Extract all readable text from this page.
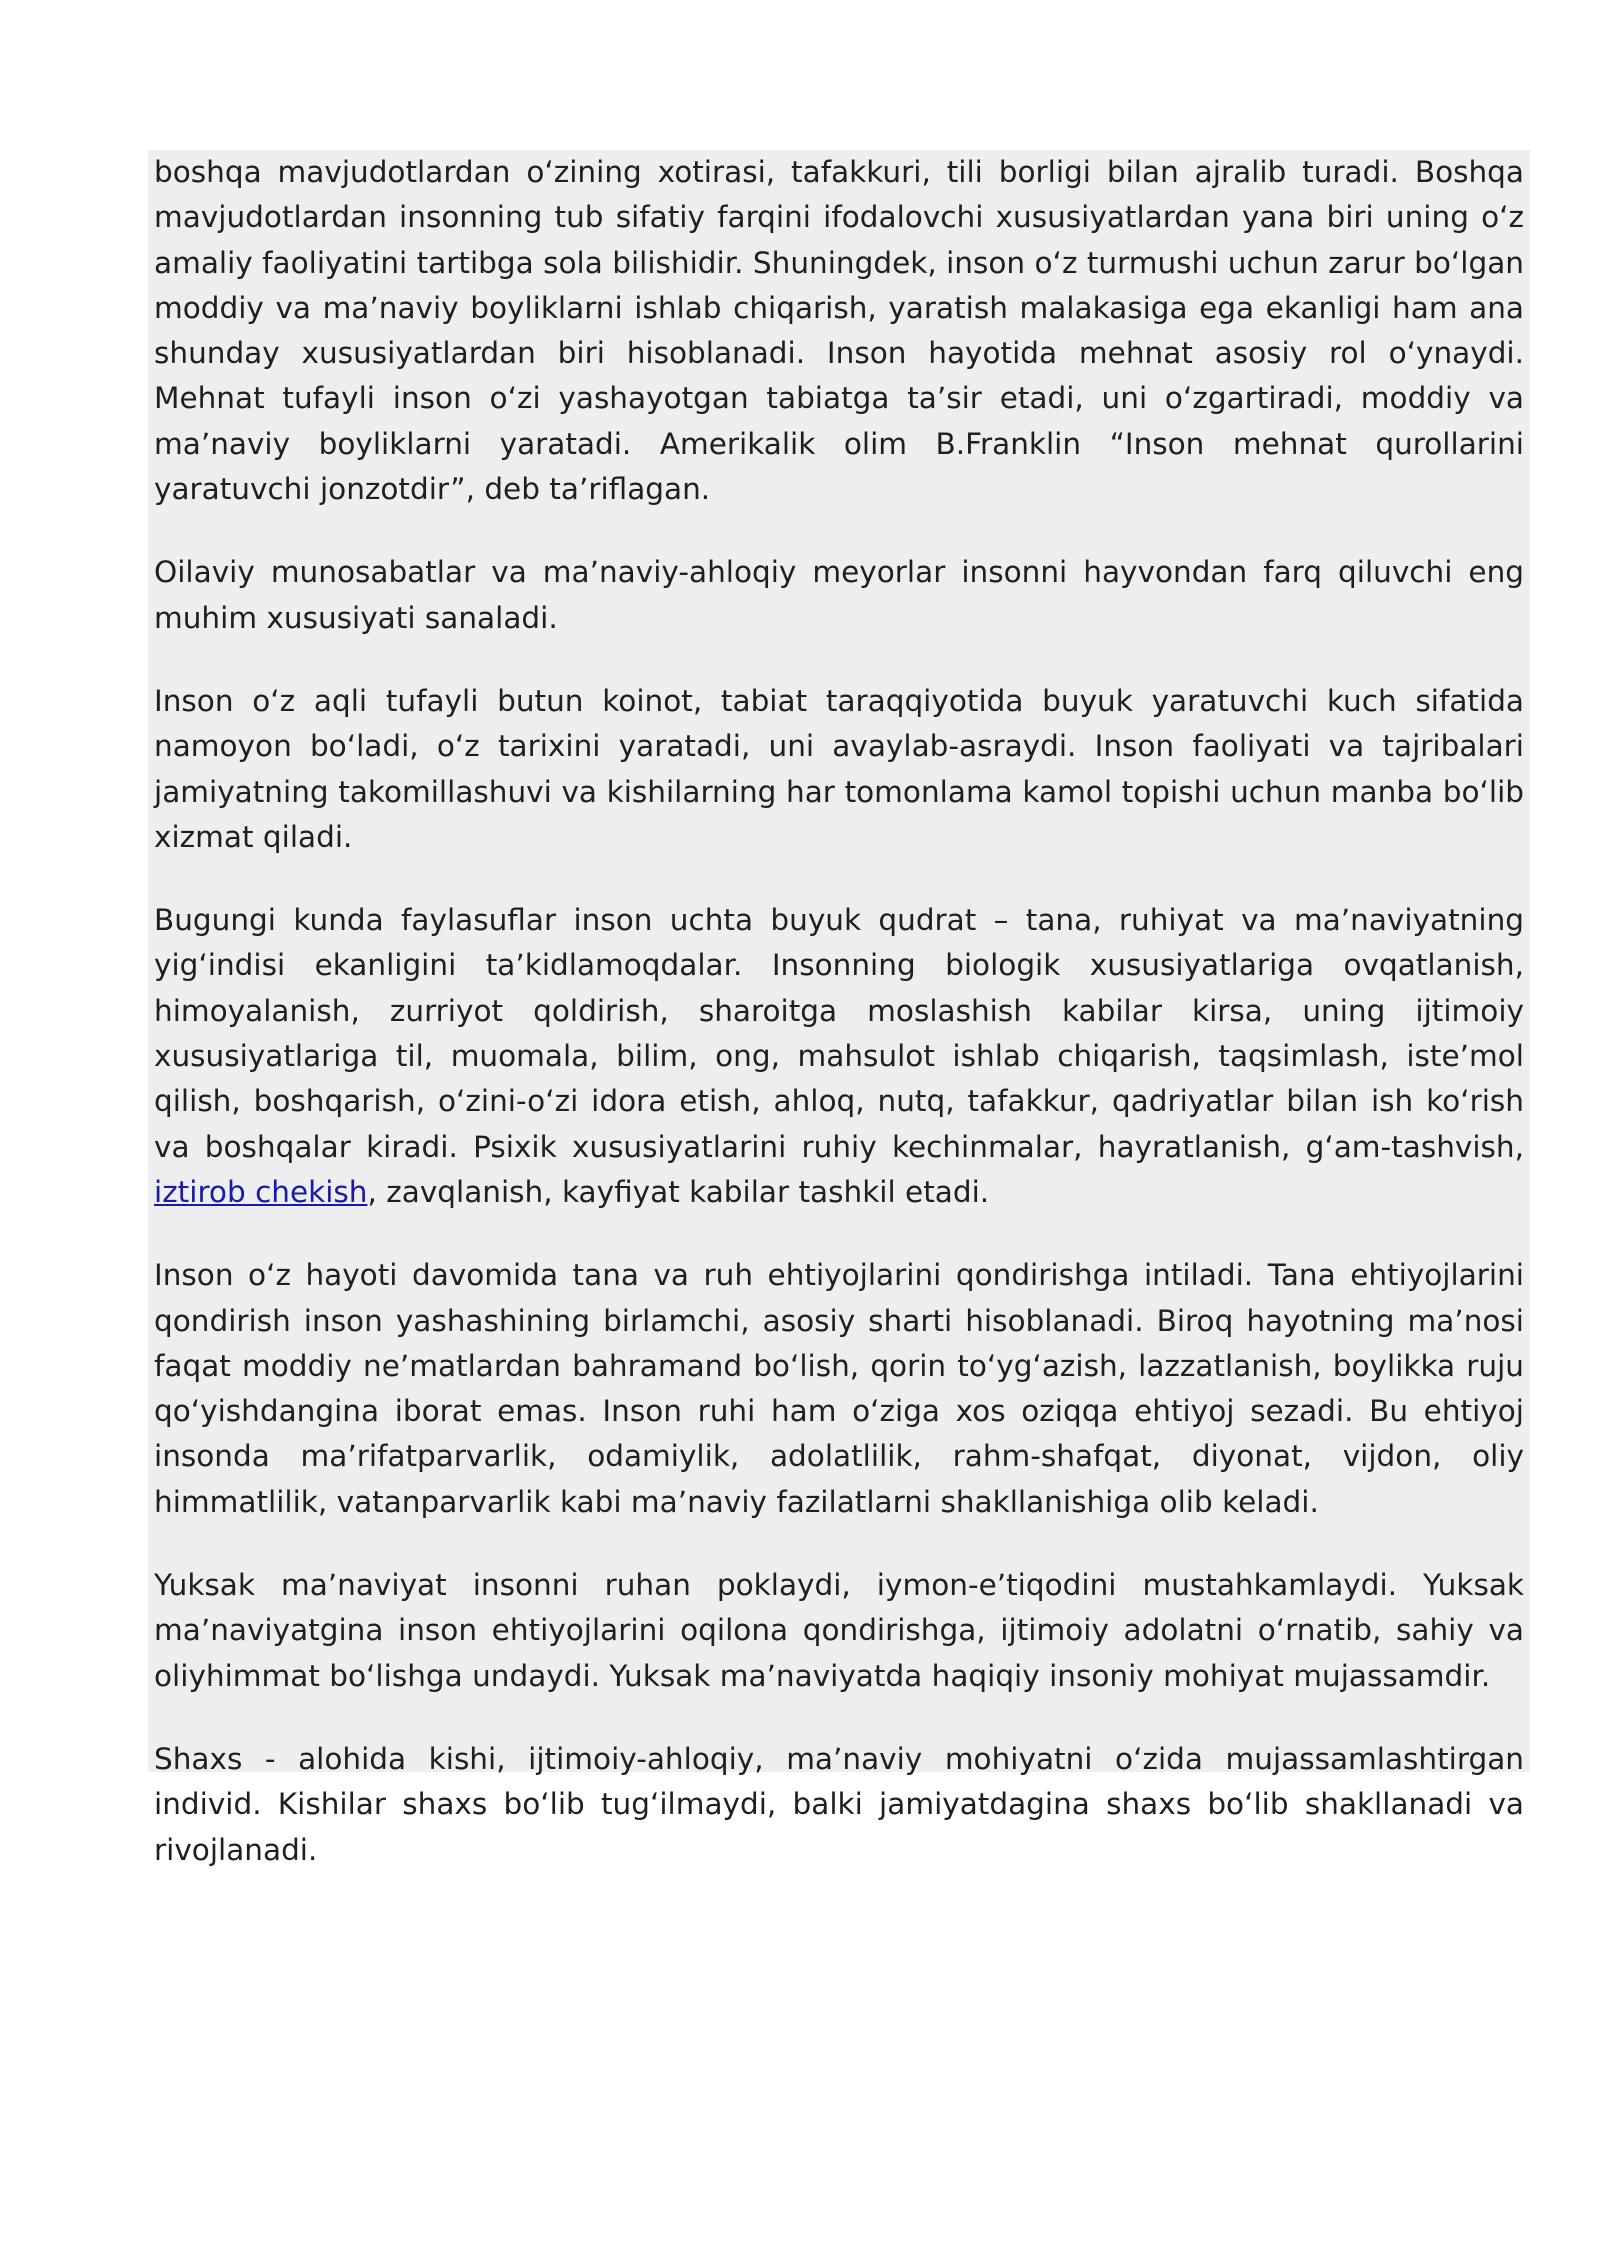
boshqa mavjudotlardan oʻzining xotirasi, tafakkuri, tili borligi bilan ajralib turadi. Boshqa mavjudotlardan insonning tub sifatiy farqini ifodalovchi xususiyatlardan yana biri uning oʻz amaliy faoliyatini tartibga sola bilishidir. Shuningdek, inson oʻz turmushi uchun zarur boʻlgan moddiy va maʼnaviy boyliklarni ishlab chiqarish, yaratish malakasiga ega ekanligi ham ana shunday xususiyatlardan biri hisoblanadi. Inson hayotida mehnat asosiy rol oʻynaydi. Mehnat tufayli inson oʻzi yashayotgan tabiatga taʼsir etadi, uni oʻzgartiradi, moddiy va maʼnaviy boyliklarni yaratadi. Amerikalik olim B.Franklin “Inson mehnat qurollarini yaratuvchi jonzotdir”, deb taʼriflagan.

Oilaviy munosabatlar va maʼnaviy-ahloqiy meyorlar insonni hayvondan farq qiluvchi eng muhim xususiyati sanaladi.

Inson oʻz aqli tufayli butun koinot, tabiat taraqqiyotida buyuk yaratuvchi kuch sifatida namoyon boʻladi, oʻz tarixini yaratadi, uni avaylab-asraydi. Inson faoliyati va tajribalari jamiyatning takomillashuvi va kishilarning har tomonlama kamol topishi uchun manba boʻlib xizmat qiladi.

Bugungi kunda faylasuflar inson uchta buyuk qudrat – tana, ruhiyat va maʼnaviyatning yigʻindisi ekanligini taʼkidlamoqdalar. Insonning biologik xususiyatlariga ovqatlanish, himoyalanish, zurriyot qoldirish, sharoitga moslashish kabilar kirsa, uning ijtimoiy xususiyatlariga til, muomala, bilim, ong, mahsulot ishlab chiqarish, taqsimlash, isteʼmol qilish, boshqarish, oʻzini-oʻzi idora etish, ahloq, nutq, tafakkur, qadriyatlar bilan ish koʻrish va boshqalar kiradi. Psixik xususiyatlarini ruhiy kechinmalar, hayratlanish, gʻam-tashvish, iztirob chekish, zavqlanish, kayfiyat kabilar tashkil etadi.

Inson oʻz hayoti davomida tana va ruh ehtiyojlarini qondirishga intiladi. Tana ehtiyojlarini qondirish inson yashashining birlamchi, asosiy sharti hisoblanadi. Biroq hayotning maʼnosi faqat moddiy neʼmatlardan bahramand boʻlish, qorin toʻygʻazish, lazzatlanish, boylikka ruju qoʻyishdangina iborat emas. Inson ruhi ham oʻziga xos oziqqa ehtiyoj sezadi. Bu ehtiyoj insonda maʼrifatparvarlik, odamiylik, adolatlilik, rahm-shafqat, diyonat, vijdon, oliy himmatlilik, vatanparvarlik kabi maʼnaviy fazilatlarni shakllanishiga olib keladi.

Yuksak maʼnaviyat insonni ruhan poklaydi, iymon-eʼtiqodini mustahkamlaydi. Yuksak maʼnaviyatgina inson ehtiyojlarini oqilona qondirishga, ijtimoiy adolatni oʻrnatib, sahiy va oliyhimmat boʻlishga undaydi. Yuksak maʼnaviyatda haqiqiy insoniy mohiyat mujassamdir.

Shaxs - alohida kishi, ijtimoiy-ahloqiy, maʼnaviy mohiyatni oʻzida mujassamlashtirgan individ. Kishilar shaxs boʻlib tugʻilmaydi, balki jamiyatdagina shaxs boʻlib shakllanadi va rivojlanadi.
